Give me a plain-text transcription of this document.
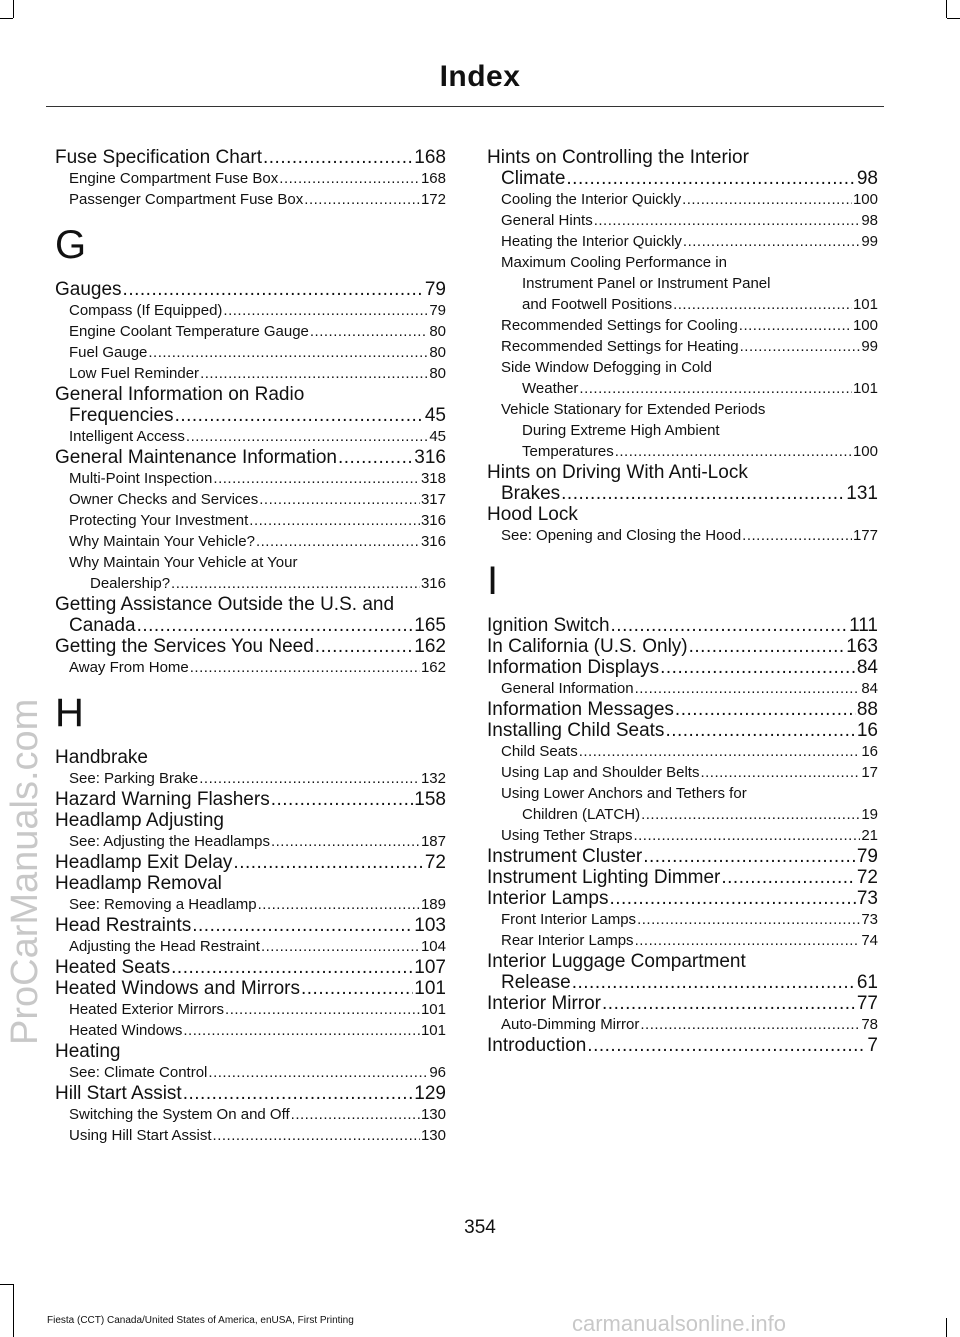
Index
Fuse Specification Chart .....	168
Engine Compartment Fuse Box .....	168
Passenger Compartment Fuse Box .....	172
G
Gauges .....	79
Compass (If Equipped) .....	79
Engine Coolant Temperature Gauge .....	80
Fuel Gauge .....	80
Low Fuel Reminder .....	80
General Information on Radio
Frequencies .....	45
Intelligent Access .....	45
General Maintenance Information .....	316
Multi-Point Inspection .....	318
Owner Checks and Services .....	317
Protecting Your Investment .....	316
Why Maintain Your Vehicle? .....	316
Why Maintain Your Vehicle at Your
Dealership? .....	316
Getting Assistance Outside the U.S. and
Canada .....	165
Getting the Services You Need .....	162
Away From Home .....	162
H
Handbrake
See: Parking Brake .....	132
Hazard Warning Flashers .....	158
Headlamp Adjusting
See: Adjusting the Headlamps .....	187
Headlamp Exit Delay .....	72
Headlamp Removal
See: Removing a Headlamp .....	189
Head Restraints .....	103
Adjusting the Head Restraint .....	104
Heated Seats .....	107
Heated Windows and Mirrors .....	101
Heated Exterior Mirrors .....	101
Heated Windows .....	101
Heating
See: Climate Control .....	96
Hill Start Assist .....	129
Switching the System On and Off .....	130
Using Hill Start Assist .....	130
Hints on Controlling the Interior
Climate .....	98
Cooling the Interior Quickly .....	100
General Hints .....	98
Heating the Interior Quickly .....	99
Maximum Cooling Performance in
Instrument Panel or Instrument Panel
and Footwell Positions .....	101
Recommended Settings for Cooling .....	100
Recommended Settings for Heating .....	99
Side Window Defogging in Cold
Weather .....	101
Vehicle Stationary for Extended Periods
During Extreme High Ambient
Temperatures .....	100
Hints on Driving With Anti-Lock
Brakes .....	131
Hood Lock
See: Opening and Closing the Hood .....	177
I
Ignition Switch .....	111
In California (U.S. Only) .....	163
Information Displays .....	84
General Information .....	84
Information Messages .....	88
Installing Child Seats .....	16
Child Seats .....	16
Using Lap and Shoulder Belts .....	17
Using Lower Anchors and Tethers for
Children (LATCH) .....	19
Using Tether Straps .....	21
Instrument Cluster .....	79
Instrument Lighting Dimmer .....	72
Interior Lamps .....	73
Front Interior Lamps .....	73
Rear Interior Lamps .....	74
Interior Luggage Compartment
Release .....	61
Interior Mirror .....	77
Auto-Dimming Mirror .....	78
Introduction .....	7
354
Fiesta (CCT) Canada/United States of America, enUSA, First Printing
ProCarManuals.com
carmanualsonline.info
